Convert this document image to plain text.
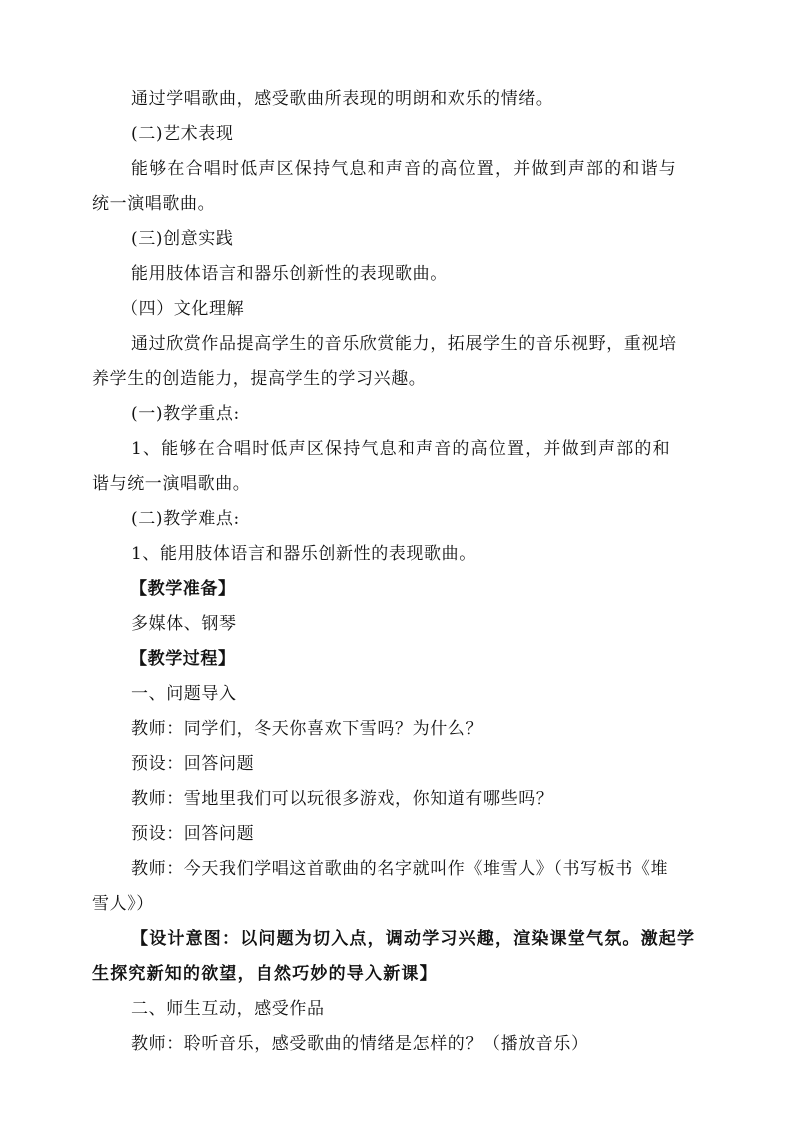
通过学唱歌曲，感受歌曲所表现的明朗和欢乐的情绪。
(二)艺术表现
能够在合唱时低声区保持气息和声音的高位置，并做到声部的和谐与
统一演唱歌曲。
(三)创意实践
能用肢体语言和器乐创新性的表现歌曲。
（四）文化理解
通过欣赏作品提高学生的音乐欣赏能力，拓展学生的音乐视野，重视培
养学生的创造能力，提高学生的学习兴趣。
(一)教学重点:
1、能够在合唱时低声区保持气息和声音的高位置，并做到声部的和
谐与统一演唱歌曲。
(二)教学难点:
1、能用肢体语言和器乐创新性的表现歌曲。
【教学准备】
多媒体、钢琴
【教学过程】
一、问题导入
教师：同学们，冬天你喜欢下雪吗？为什么？
预设：回答问题
教师：雪地里我们可以玩很多游戏，你知道有哪些吗？
预设：回答问题
教师：今天我们学唱这首歌曲的名字就叫作《堆雪人》（书写板书《堆
雪人》）
【设计意图：以问题为切入点，调动学习兴趣，渲染课堂气氛。激起学
生探究新知的欲望，自然巧妙的导入新课】
二、师生互动，感受作品
教师：聆听音乐，感受歌曲的情绪是怎样的？（播放音乐）
